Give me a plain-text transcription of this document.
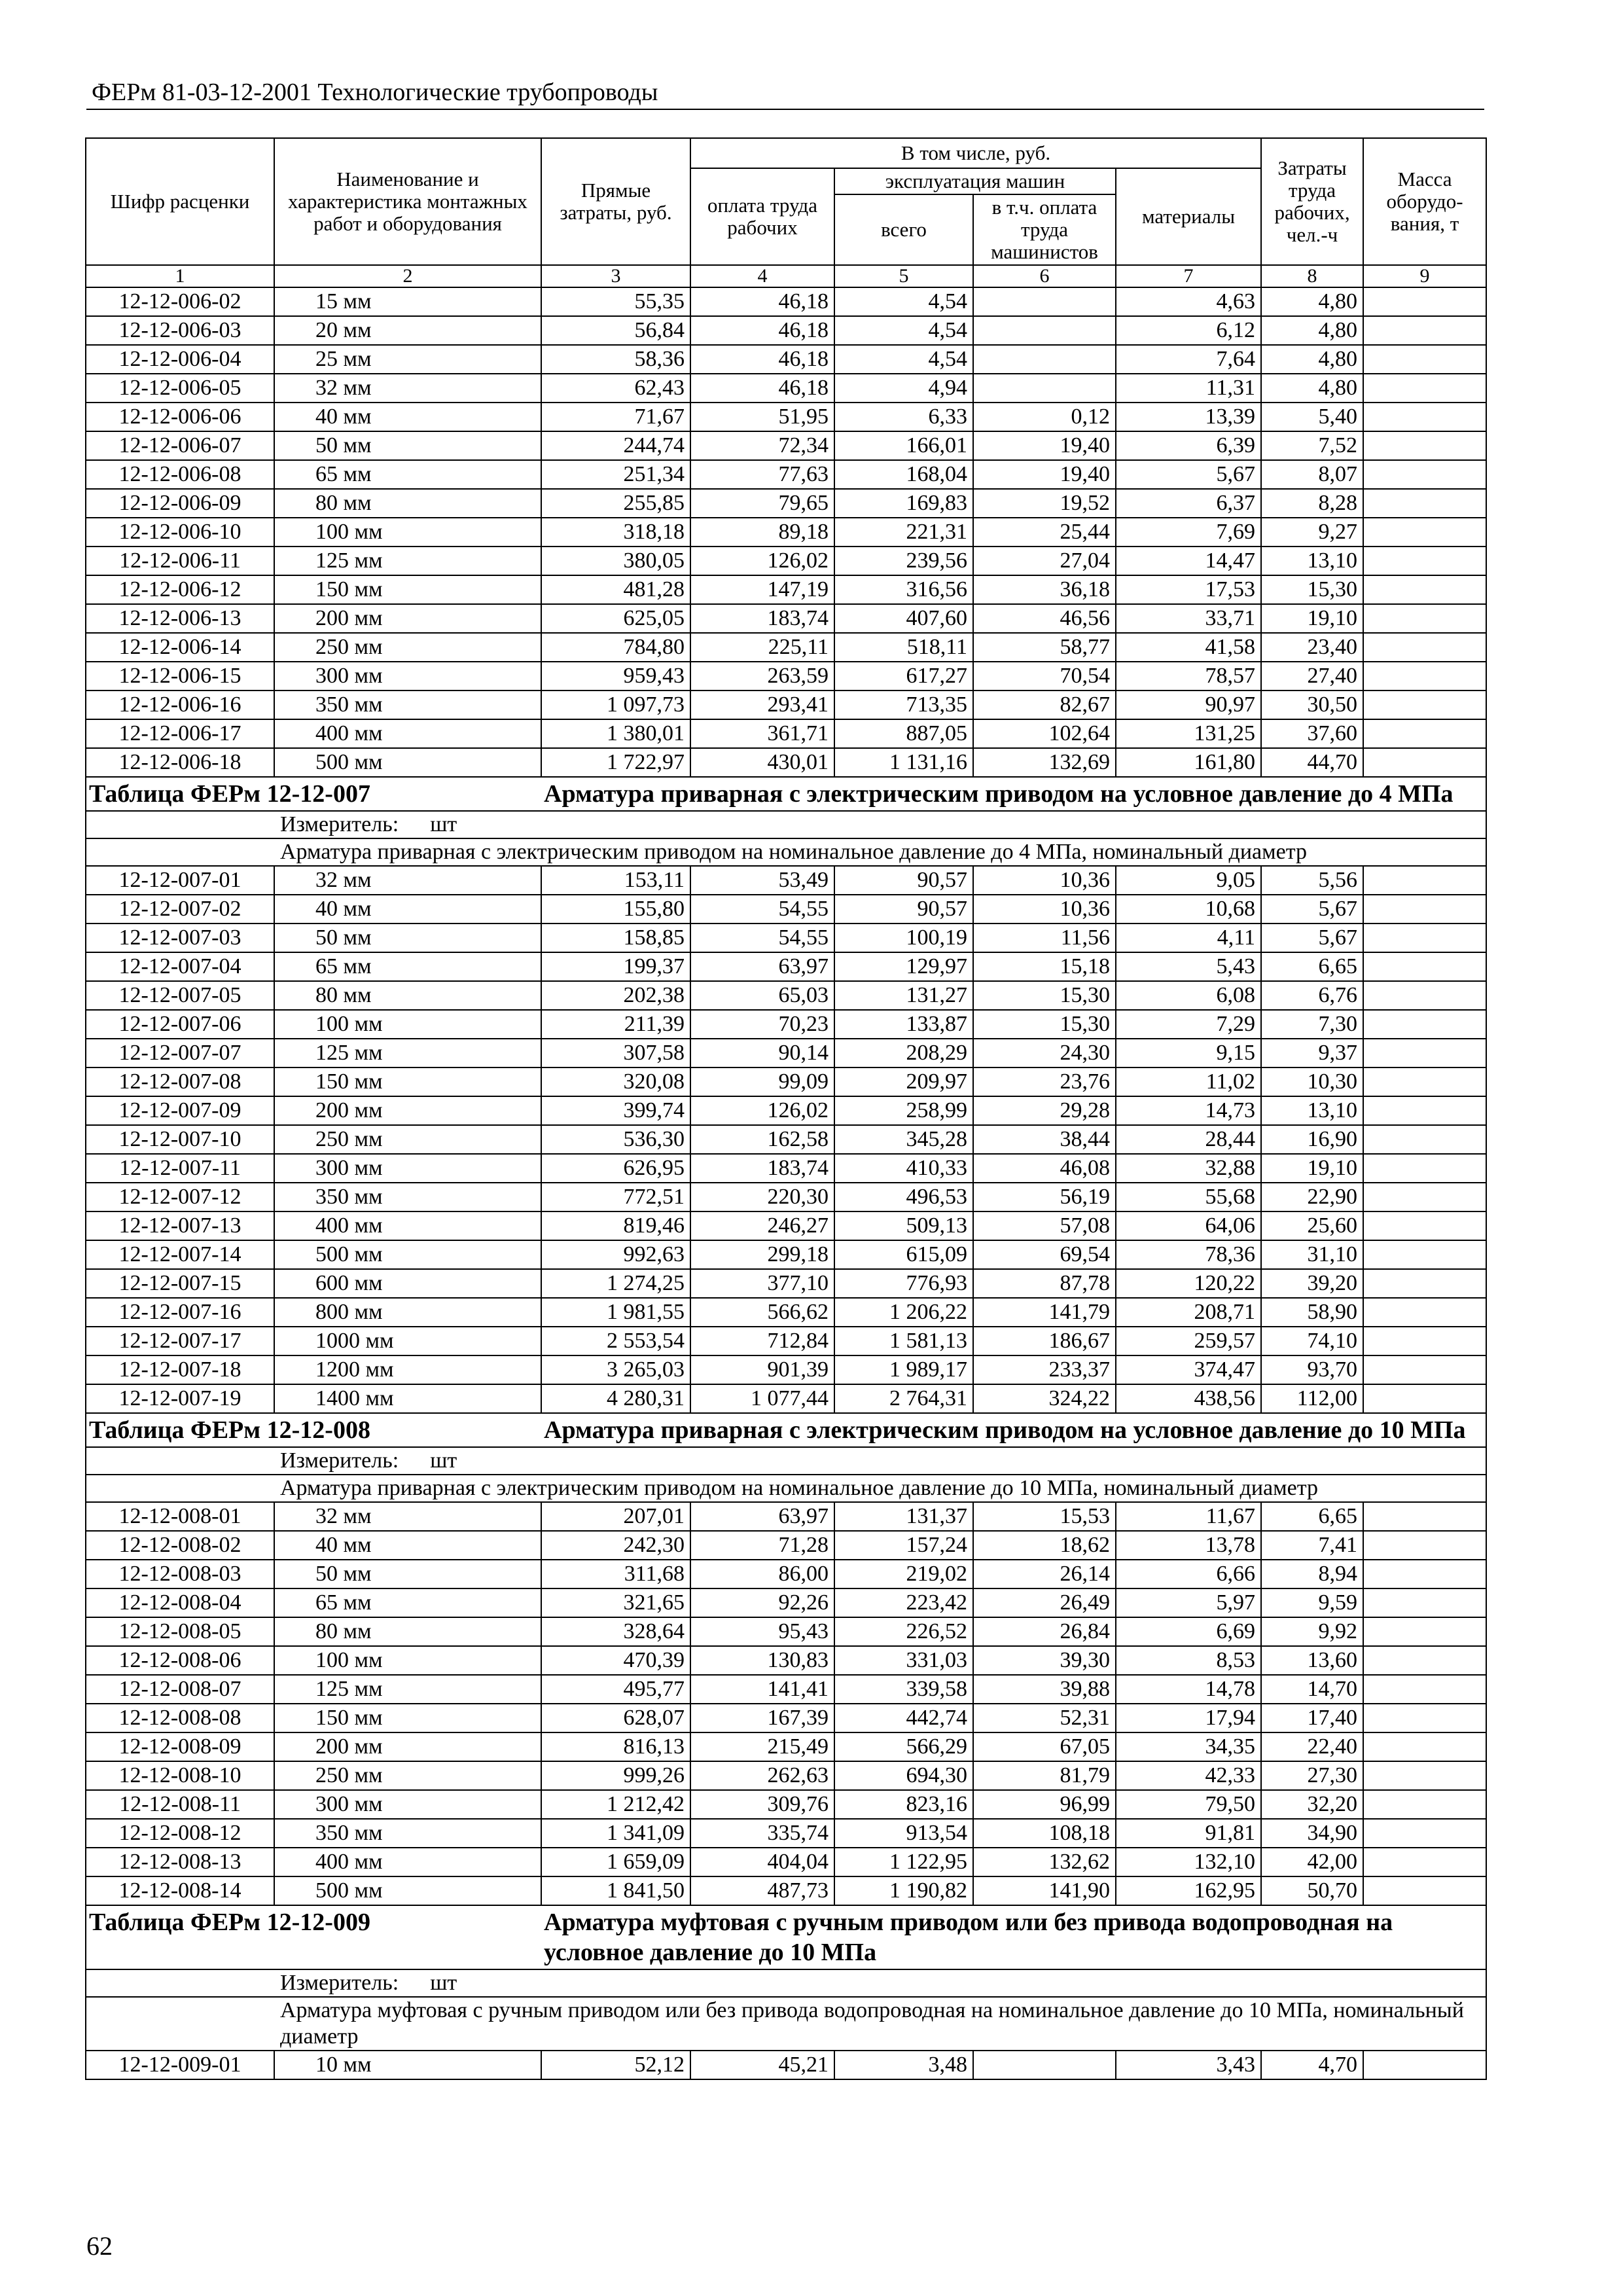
ФЕРм 81-03-12-2001 Технологические трубопроводы
Шифр расценки	Наименование и характеристика монтажных работ и оборудования	Прямые затраты, руб.	В том числе, руб.				Затраты труда рабочих, чел.-ч	Масса оборудо-вания, т
			оплата труда рабочих	эксплуатация машин		материалы		
				всего	в т.ч. оплата труда машинистов			
1	2	3	4	5	6	7	8	9
12-12-006-02	15 мм	55,35	46,18	4,54		4,63	4,80	
12-12-006-03	20 мм	56,84	46,18	4,54		6,12	4,80	
12-12-006-04	25 мм	58,36	46,18	4,54		7,64	4,80	
12-12-006-05	32 мм	62,43	46,18	4,94		11,31	4,80	
12-12-006-06	40 мм	71,67	51,95	6,33	0,12	13,39	5,40	
12-12-006-07	50 мм	244,74	72,34	166,01	19,40	6,39	7,52	
12-12-006-08	65 мм	251,34	77,63	168,04	19,40	5,67	8,07	
12-12-006-09	80 мм	255,85	79,65	169,83	19,52	6,37	8,28	
12-12-006-10	100 мм	318,18	89,18	221,31	25,44	7,69	9,27	
12-12-006-11	125 мм	380,05	126,02	239,56	27,04	14,47	13,10	
12-12-006-12	150 мм	481,28	147,19	316,56	36,18	17,53	15,30	
12-12-006-13	200 мм	625,05	183,74	407,60	46,56	33,71	19,10	
12-12-006-14	250 мм	784,80	225,11	518,11	58,77	41,58	23,40	
12-12-006-15	300 мм	959,43	263,59	617,27	70,54	78,57	27,40	
12-12-006-16	350 мм	1 097,73	293,41	713,35	82,67	90,97	30,50	
12-12-006-17	400 мм	1 380,01	361,71	887,05	102,64	131,25	37,60	
12-12-006-18	500 мм	1 722,97	430,01	1 131,16	132,69	161,80	44,70	
Таблица ФЕРм 12-12-007		Арматура приварная с электрическим приводом на условное давление до 4 МПа						
Измеритель: шт								
Арматура приварная с электрическим приводом на номинальное давление до 4 МПа, номинальный диаметр								
12-12-007-01	32 мм	153,11	53,49	90,57	10,36	9,05	5,56	
12-12-007-02	40 мм	155,80	54,55	90,57	10,36	10,68	5,67	
12-12-007-03	50 мм	158,85	54,55	100,19	11,56	4,11	5,67	
12-12-007-04	65 мм	199,37	63,97	129,97	15,18	5,43	6,65	
12-12-007-05	80 мм	202,38	65,03	131,27	15,30	6,08	6,76	
12-12-007-06	100 мм	211,39	70,23	133,87	15,30	7,29	7,30	
12-12-007-07	125 мм	307,58	90,14	208,29	24,30	9,15	9,37	
12-12-007-08	150 мм	320,08	99,09	209,97	23,76	11,02	10,30	
12-12-007-09	200 мм	399,74	126,02	258,99	29,28	14,73	13,10	
12-12-007-10	250 мм	536,30	162,58	345,28	38,44	28,44	16,90	
12-12-007-11	300 мм	626,95	183,74	410,33	46,08	32,88	19,10	
12-12-007-12	350 мм	772,51	220,30	496,53	56,19	55,68	22,90	
12-12-007-13	400 мм	819,46	246,27	509,13	57,08	64,06	25,60	
12-12-007-14	500 мм	992,63	299,18	615,09	69,54	78,36	31,10	
12-12-007-15	600 мм	1 274,25	377,10	776,93	87,78	120,22	39,20	
12-12-007-16	800 мм	1 981,55	566,62	1 206,22	141,79	208,71	58,90	
12-12-007-17	1000 мм	2 553,54	712,84	1 581,13	186,67	259,57	74,10	
12-12-007-18	1200 мм	3 265,03	901,39	1 989,17	233,37	374,47	93,70	
12-12-007-19	1400 мм	4 280,31	1 077,44	2 764,31	324,22	438,56	112,00	
Таблица ФЕРм 12-12-008		Арматура приварная с электрическим приводом на условное давление до 10 МПа						
Измеритель: шт								
Арматура приварная с электрическим приводом на номинальное давление до 10 МПа, номинальный диаметр								
12-12-008-01	32 мм	207,01	63,97	131,37	15,53	11,67	6,65	
12-12-008-02	40 мм	242,30	71,28	157,24	18,62	13,78	7,41	
12-12-008-03	50 мм	311,68	86,00	219,02	26,14	6,66	8,94	
12-12-008-04	65 мм	321,65	92,26	223,42	26,49	5,97	9,59	
12-12-008-05	80 мм	328,64	95,43	226,52	26,84	6,69	9,92	
12-12-008-06	100 мм	470,39	130,83	331,03	39,30	8,53	13,60	
12-12-008-07	125 мм	495,77	141,41	339,58	39,88	14,78	14,70	
12-12-008-08	150 мм	628,07	167,39	442,74	52,31	17,94	17,40	
12-12-008-09	200 мм	816,13	215,49	566,29	67,05	34,35	22,40	
12-12-008-10	250 мм	999,26	262,63	694,30	81,79	42,33	27,30	
12-12-008-11	300 мм	1 212,42	309,76	823,16	96,99	79,50	32,20	
12-12-008-12	350 мм	1 341,09	335,74	913,54	108,18	91,81	34,90	
12-12-008-13	400 мм	1 659,09	404,04	1 122,95	132,62	132,10	42,00	
12-12-008-14	500 мм	1 841,50	487,73	1 190,82	141,90	162,95	50,70	
Таблица ФЕРм 12-12-009		Арматура муфтовая с ручным приводом или без привода водопроводная на условное давление до 10 МПа						
Измеритель: шт								
Арматура муфтовая с ручным приводом или без привода водопроводная на номинальное давление до 10 МПа, номинальный диаметр								
12-12-009-01	10 мм	52,12	45,21	3,48		3,43	4,70	
62
